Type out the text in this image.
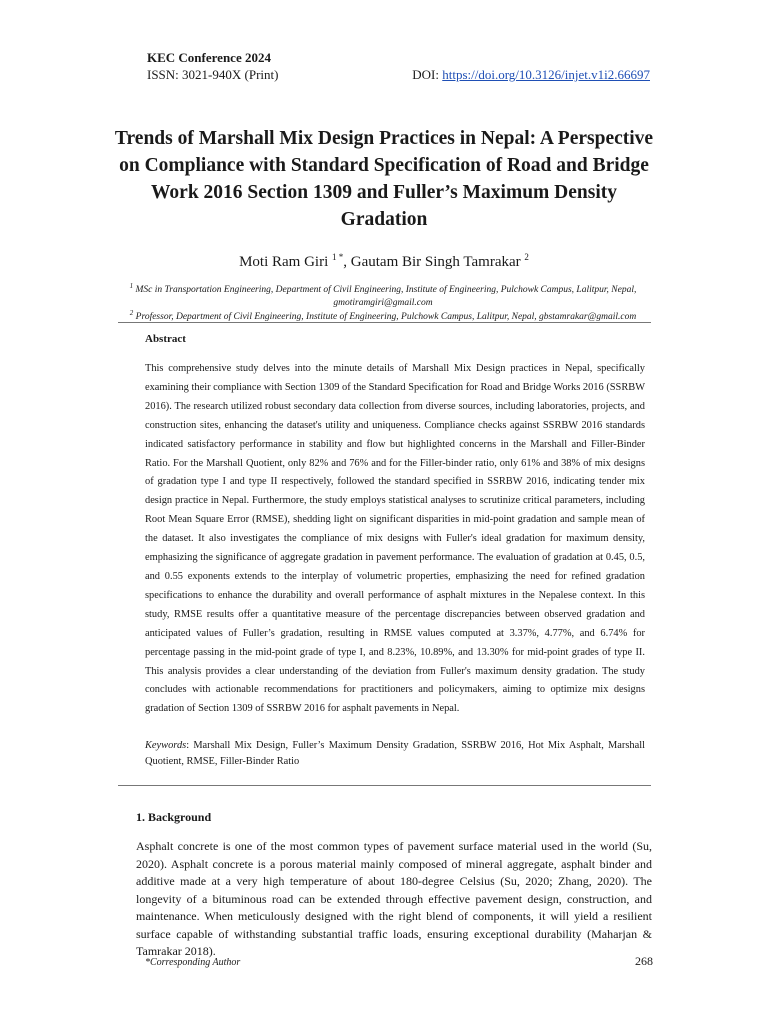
KEC Conference 2024
ISSN: 3021-940X (Print)	DOI: https://doi.org/10.3126/injet.v1i2.66697
Trends of Marshall Mix Design Practices in Nepal: A Perspective on Compliance with Standard Specification of Road and Bridge Work 2016 Section 1309 and Fuller’s Maximum Density Gradation
Moti Ram Giri $^{1 *}$, Gautam Bir Singh Tamrakar $^2$
$^1$ MSc in Transportation Engineering, Department of Civil Engineering, Institute of Engineering, Pulchowk Campus, Lalitpur, Nepal, gmotiramgiri@gmail.com
$^2$ Professor, Department of Civil Engineering, Institute of Engineering, Pulchowk Campus, Lalitpur, Nepal, gbstamrakar@gmail.com
Abstract
This comprehensive study delves into the minute details of Marshall Mix Design practices in Nepal, specifically examining their compliance with Section 1309 of the Standard Specification for Road and Bridge Works 2016 (SSRBW 2016). The research utilized robust secondary data collection from diverse sources, including laboratories, projects, and construction sites, enhancing the dataset's utility and uniqueness. Compliance checks against SSRBW 2016 standards indicated satisfactory performance in stability and flow but highlighted concerns in the Marshall and Filler-Binder Ratio. For the Marshall Quotient, only 82% and 76% and for the Filler-binder ratio, only 61% and 38% of mix designs of gradation type I and type II respectively, followed the standard specified in SSRBW 2016, indicating tender mix design practice in Nepal. Furthermore, the study employs statistical analyses to scrutinize critical parameters, including Root Mean Square Error (RMSE), shedding light on significant disparities in mid-point gradation and sample mean of the dataset. It also investigates the compliance of mix designs with Fuller's ideal gradation for maximum density, emphasizing the significance of aggregate gradation in pavement performance. The evaluation of gradation at 0.45, 0.5, and 0.55 exponents extends to the interplay of volumetric properties, emphasizing the need for refined gradation specifications to enhance the durability and overall performance of asphalt mixtures in the Nepalese context. In this study, RMSE results offer a quantitative measure of the percentage discrepancies between observed gradation and anticipated values of Fuller’s gradation, resulting in RMSE values computed at 3.37%, 4.77%, and 6.74% for percentage passing in the mid-point grade of type I, and 8.23%, 10.89%, and 13.30% for mid-point grades of type II. This analysis provides a clear understanding of the deviation from Fuller's maximum density gradation. The study concludes with actionable recommendations for practitioners and policymakers, aiming to optimize mix designs gradation of Section 1309 of SSRBW 2016 for asphalt pavements in Nepal.
Keywords: Marshall Mix Design, Fuller’s Maximum Density Gradation, SSRBW 2016, Hot Mix Asphalt, Marshall Quotient, RMSE, Filler-Binder Ratio
1. Background
Asphalt concrete is one of the most common types of pavement surface material used in the world (Su, 2020). Asphalt concrete is a porous material mainly composed of mineral aggregate, asphalt binder and additive made at a very high temperature of about 180-degree Celsius (Su, 2020; Zhang, 2020). The longevity of a bituminous road can be extended through effective pavement design, construction, and maintenance. When meticulously designed with the right blend of components, it will yield a resilient surface capable of withstanding substantial traffic loads, ensuring exceptional durability (Maharjan & Tamrakar 2018).
*Corresponding Author	268
